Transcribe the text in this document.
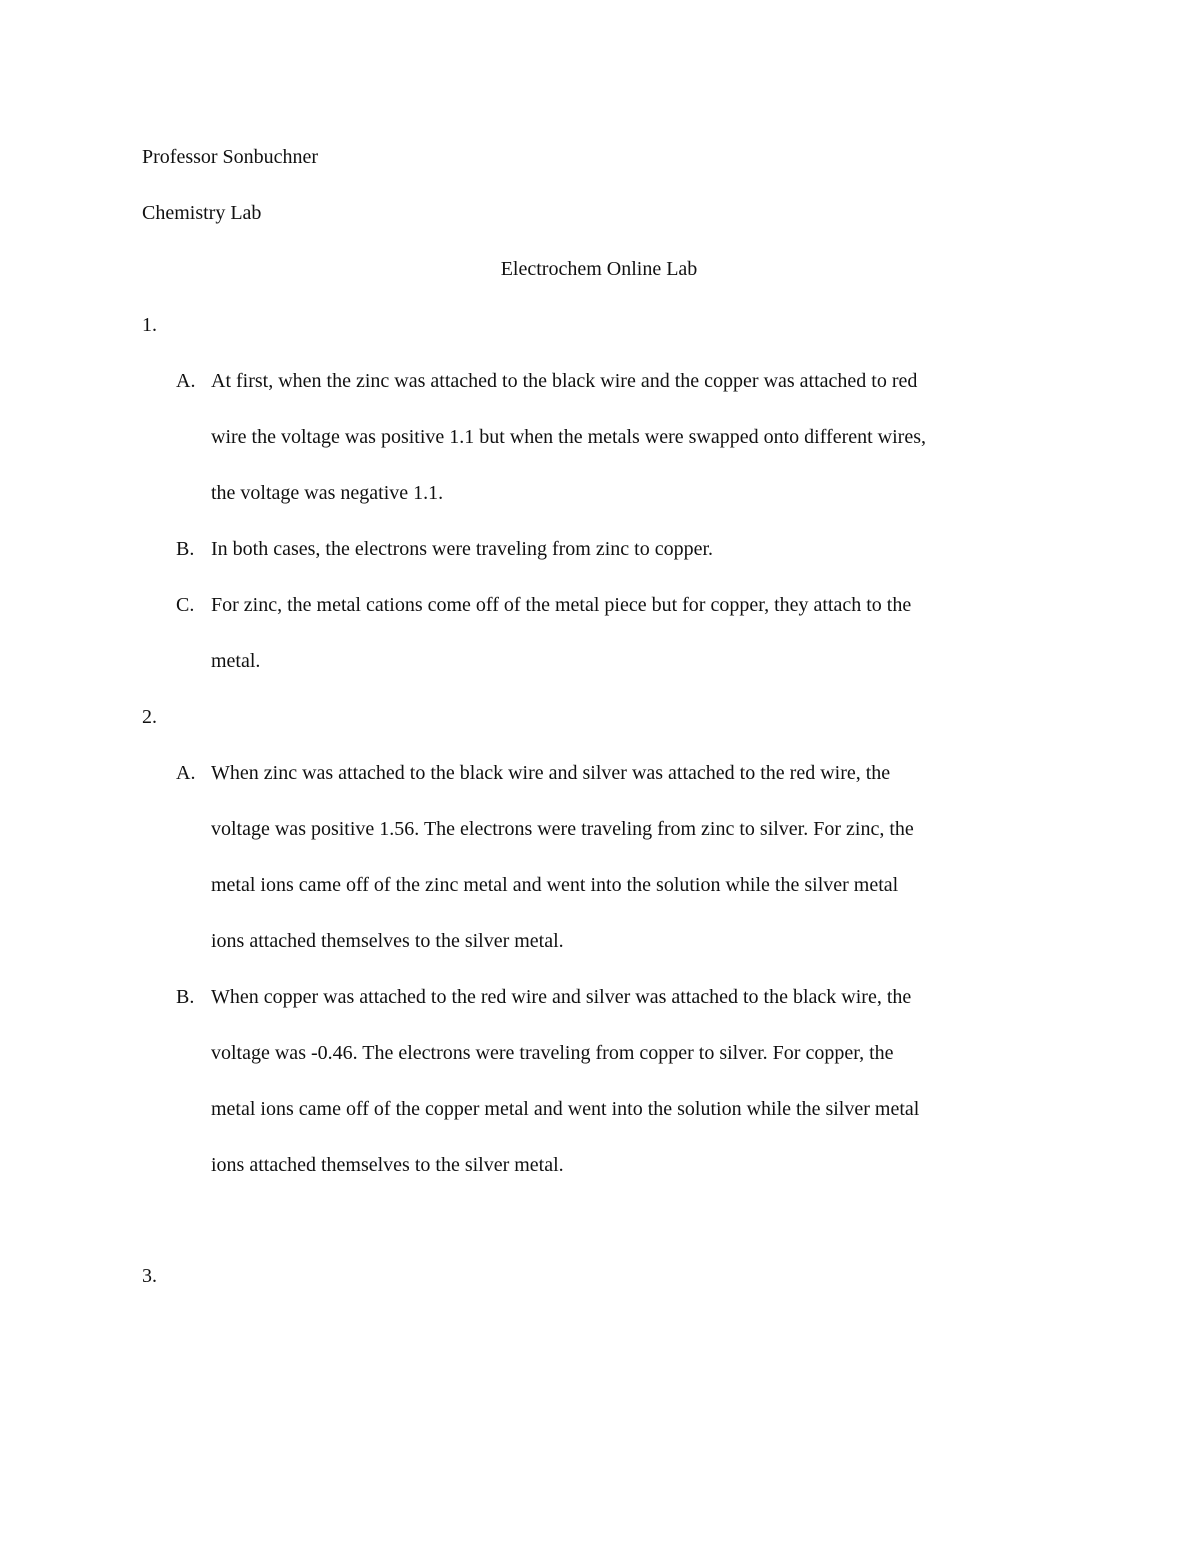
Professor Sonbuchner
Chemistry Lab
Electrochem Online Lab
1.
A. At first, when the zinc was attached to the black wire and the copper was attached to red
wire the voltage was positive 1.1 but when the metals were swapped onto different wires,
the voltage was negative 1.1.
B. In both cases, the electrons were traveling from zinc to copper.
C. For zinc, the metal cations come off of the metal piece but for copper, they attach to the
metal.
2.
A. When zinc was attached to the black wire and silver was attached to the red wire, the
voltage was positive 1.56. The electrons were traveling from zinc to silver. For zinc, the
metal ions came off of the zinc metal and went into the solution while the silver metal
ions attached themselves to the silver metal.
B. When copper was attached to the red wire and silver was attached to the black wire, the
voltage was -0.46. The electrons were traveling from copper to silver. For copper, the
metal ions came off of the copper metal and went into the solution while the silver metal
ions attached themselves to the silver metal.
3.
